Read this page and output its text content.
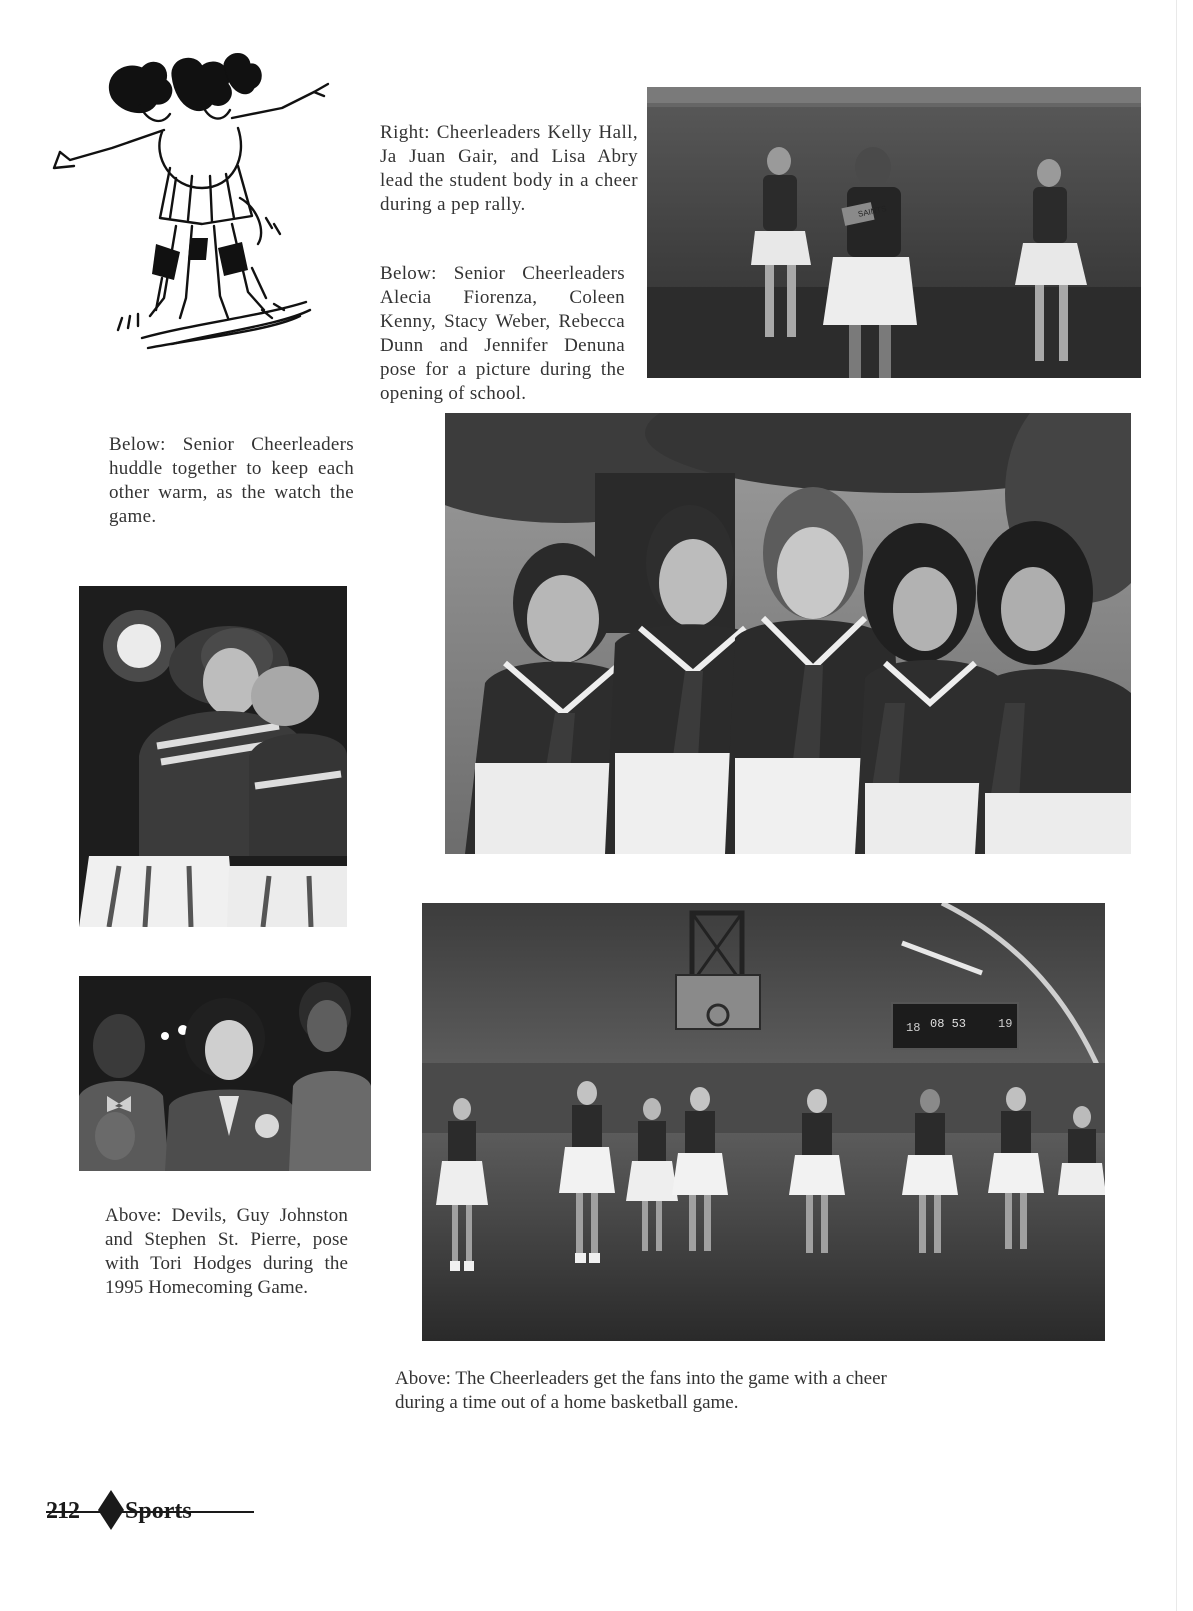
Right: Cheerleaders Kelly Hall, Ja Juan Gair, and Lisa Abry lead the student body in a cheer during a pep rally.	SAINTS
Below: Senior Cheerleaders Alecia Fiorenza, Coleen Kenny, Stacy Weber, Rebecca Dunn and Jennifer Denuna pose for a picture during the opening of school.
Below: Senior Cheerleaders huddle together to keep each other warm, as the watch the game.
Above: Devils, Guy Johnston and Stephen St. Pierre, pose with Tori Hodges during the 1995 Homecoming Game.
18 08 53	19
Above: The Cheerleaders get the fans into the game with a cheer during a time out of a home basketball game.
212 Sports
